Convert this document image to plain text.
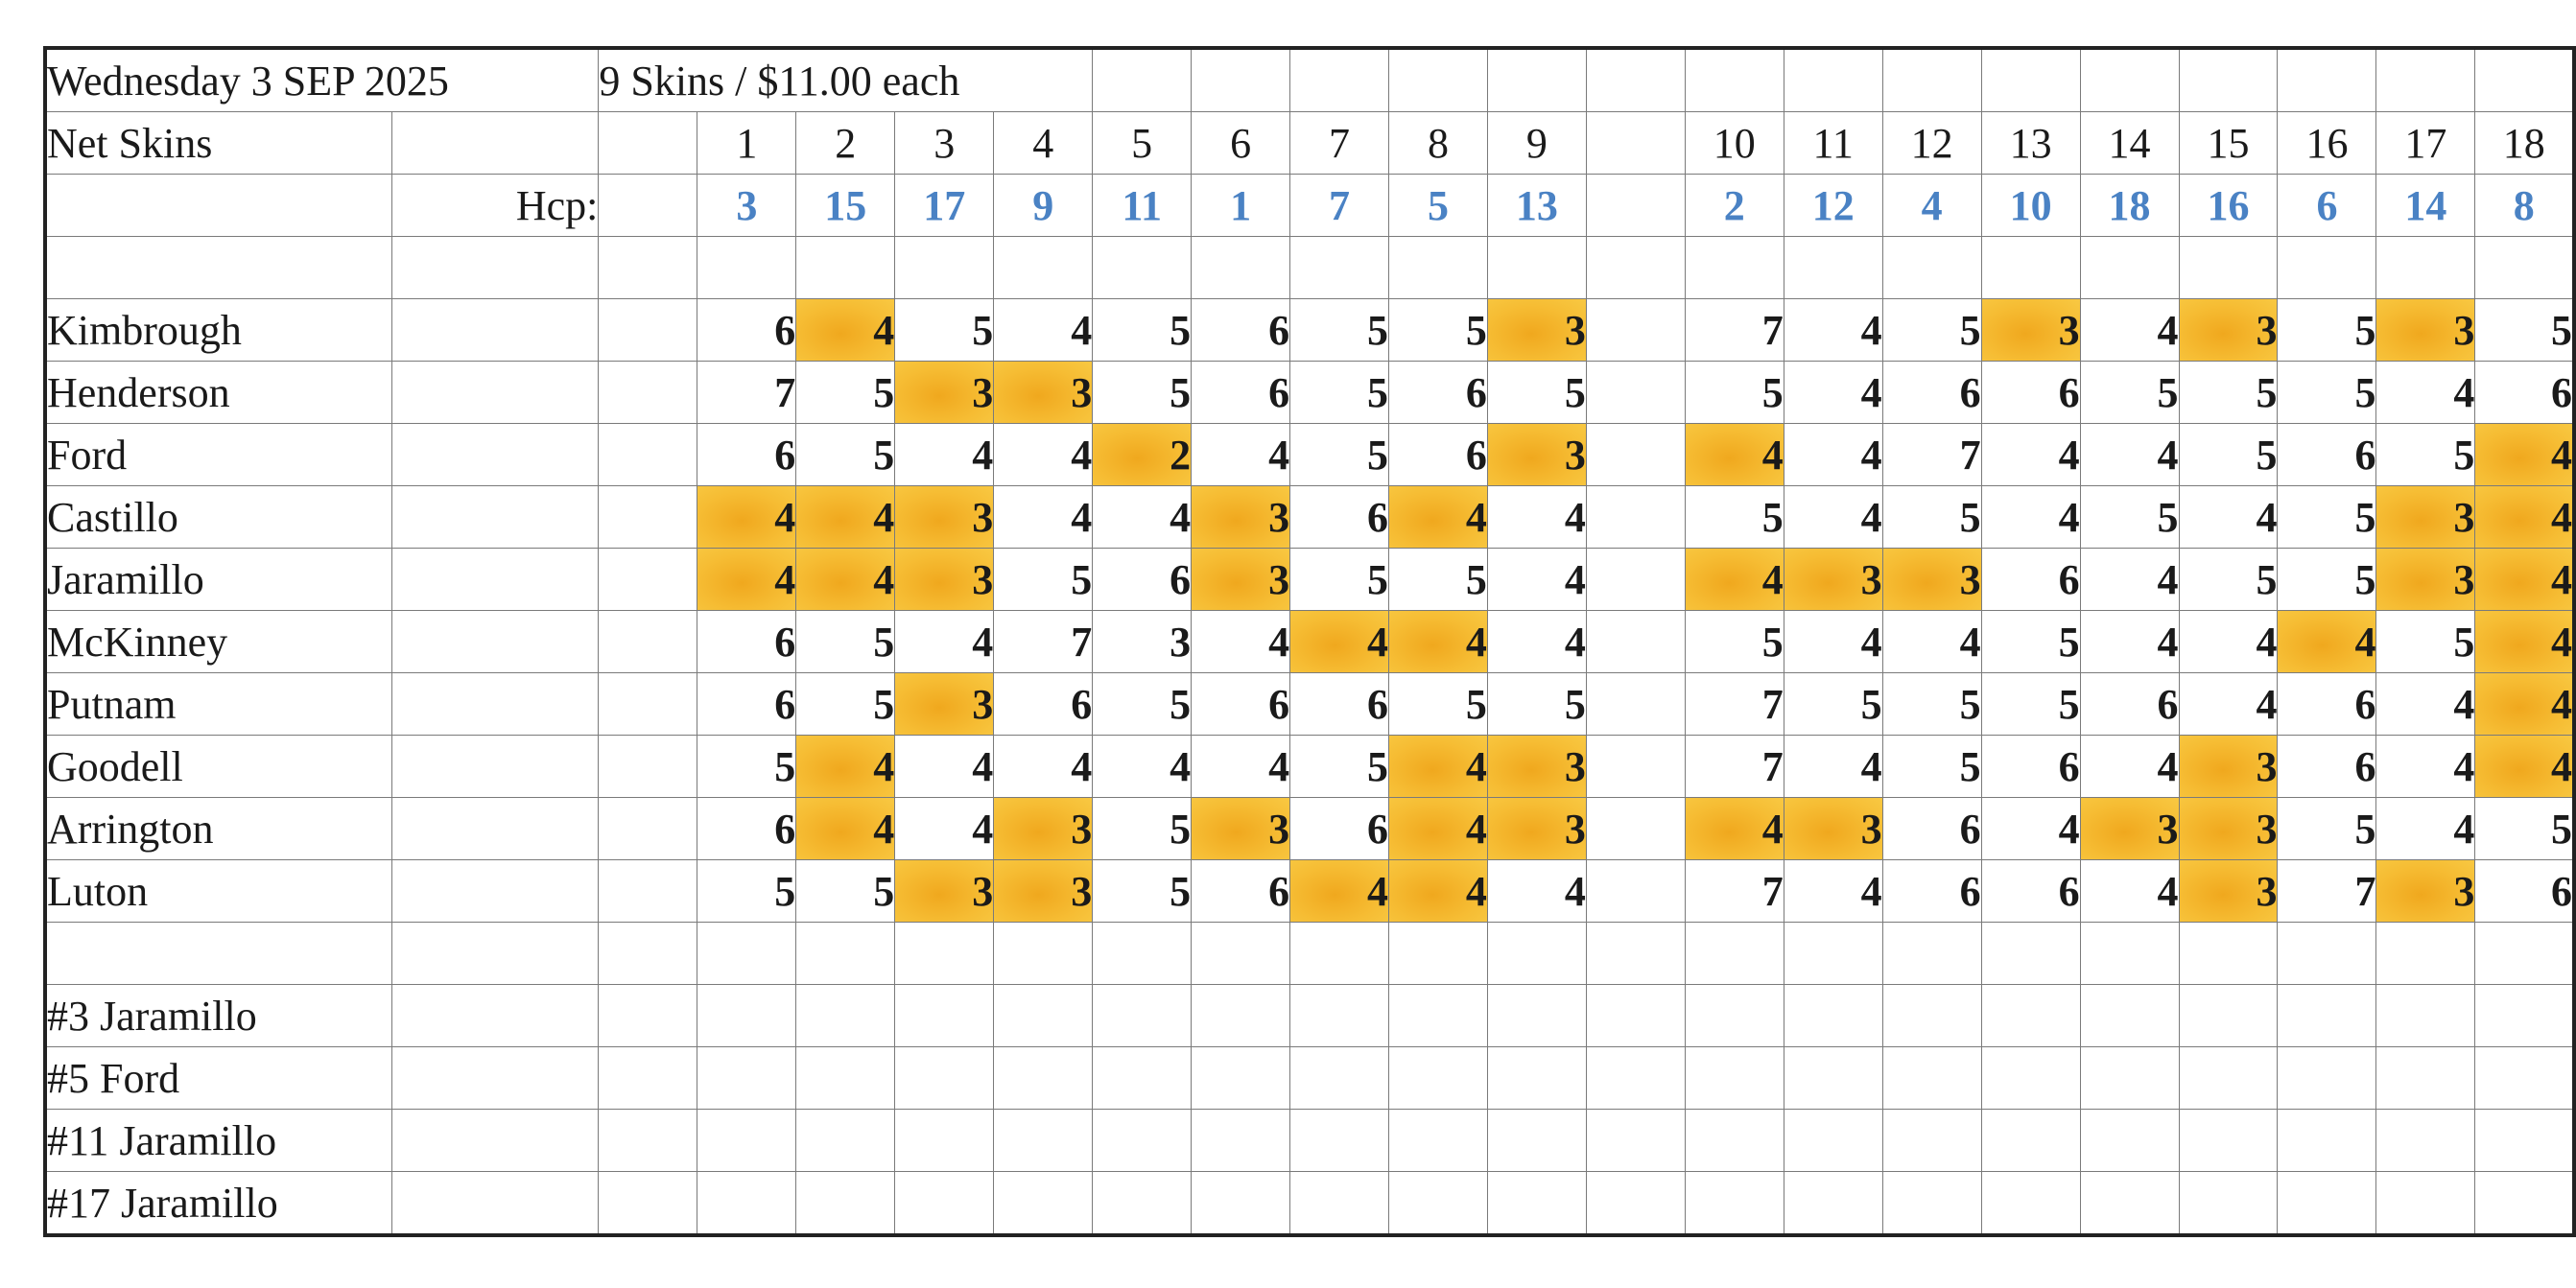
Wednesday 3 SEP 2025		9 Skins / $11.00 each																			
Net Skins			1	2	3	4	5	6	7	8	9		10	11	12	13	14	15	16	17	18
	Hcp:		3	15	17	9	11	1	7	5	13		2	12	4	10	18	16	6	14	8

Kimbrough			6	4	5	4	5	6	5	5	3		7	4	5	3	4	3	5	3	5
Henderson			7	5	3	3	5	6	5	6	5		5	4	6	6	5	5	5	4	6
Ford			6	5	4	4	2	4	5	6	3		4	4	7	4	4	5	6	5	4
Castillo			4	4	3	4	4	3	6	4	4		5	4	5	4	5	4	5	3	4
Jaramillo			4	4	3	5	6	3	5	5	4		4	3	3	6	4	5	5	3	4
McKinney			6	5	4	7	3	4	4	4	4		5	4	4	5	4	4	4	5	4
Putnam			6	5	3	6	5	6	6	5	5		7	5	5	5	6	4	6	4	4
Goodell			5	4	4	4	4	4	5	4	3		7	4	5	6	4	3	6	4	4
Arrington			6	4	4	3	5	3	6	4	3		4	3	6	4	3	3	5	4	5
Luton			5	5	3	3	5	6	4	4	4		7	4	6	6	4	3	7	3	6

#3 Jaramillo																					
#5 Ford																					
#11 Jaramillo																					
#17 Jaramillo																					
